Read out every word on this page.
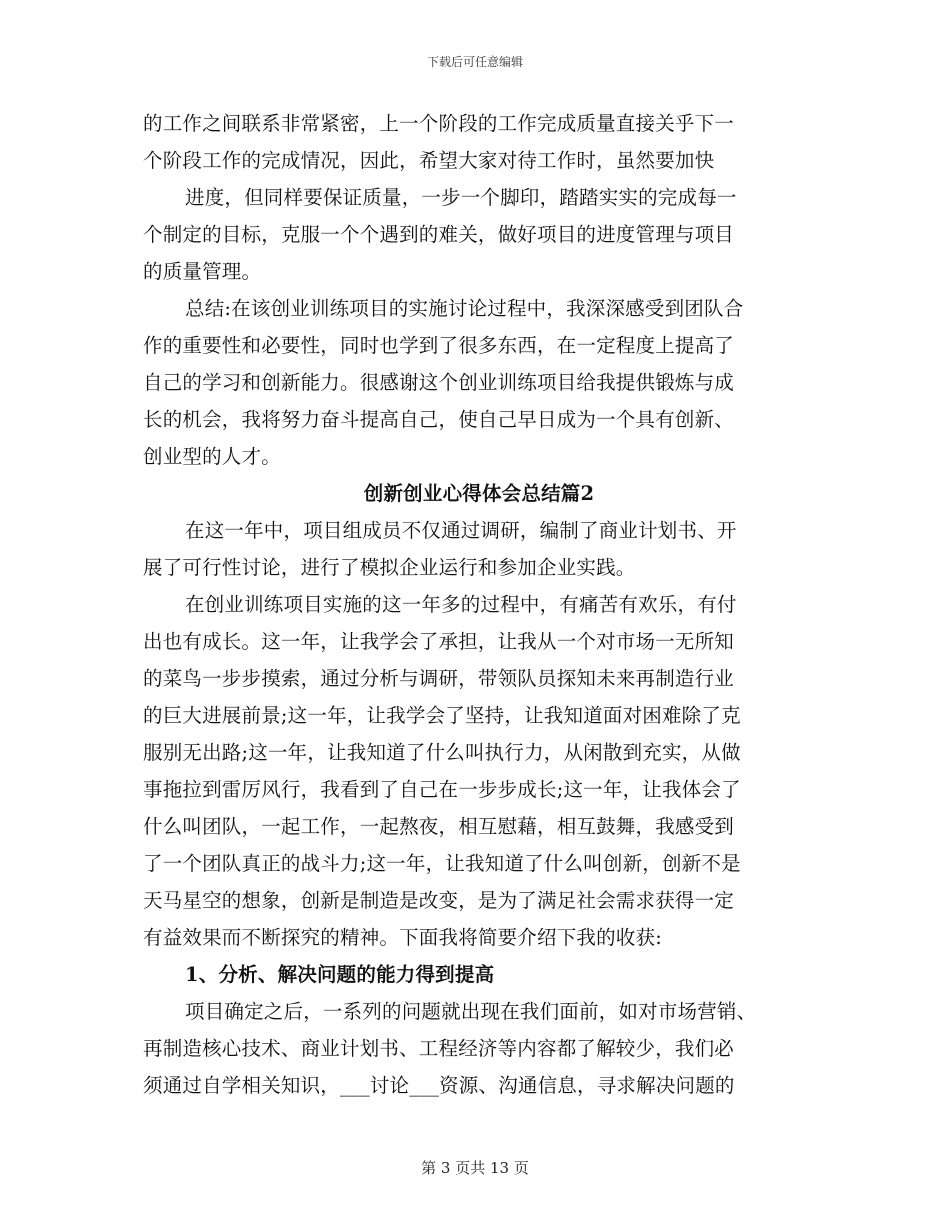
下载后可任意编辑
的工作之间联系非常紧密，上一个阶段的工作完成质量直接关乎下一
个阶段工作的完成情况，因此，希望大家对待工作时，虽然要加快
进度，但同样要保证质量，一步一个脚印，踏踏实实的完成每一
个制定的目标，克服一个个遇到的难关，做好项目的进度管理与项目
的质量管理。
总结:在该创业训练项目的实施讨论过程中，我深深感受到团队合
作的重要性和必要性，同时也学到了很多东西，在一定程度上提高了
自己的学习和创新能力。很感谢这个创业训练项目给我提供锻炼与成
长的机会，我将努力奋斗提高自己，使自己早日成为一个具有创新、
创业型的人才。
创新创业心得体会总结篇2
在这一年中，项目组成员不仅通过调研，编制了商业计划书、开
展了可行性讨论，进行了模拟企业运行和参加企业实践。
在创业训练项目实施的这一年多的过程中，有痛苦有欢乐，有付
出也有成长。这一年，让我学会了承担，让我从一个对市场一无所知
的菜鸟一步步摸索，通过分析与调研，带领队员探知未来再制造行业
的巨大进展前景;这一年，让我学会了坚持，让我知道面对困难除了克
服别无出路;这一年，让我知道了什么叫执行力，从闲散到充实，从做
事拖拉到雷厉风行，我看到了自己在一步步成长;这一年，让我体会了
什么叫团队，一起工作，一起熬夜，相互慰藉，相互鼓舞，我感受到
了一个团队真正的战斗力;这一年，让我知道了什么叫创新，创新不是
天马星空的想象，创新是制造是改变，是为了满足社会需求获得一定
有益效果而不断探究的精神。下面我将简要介绍下我的收获:
1、分析、解决问题的能力得到提高
项目确定之后，一系列的问题就出现在我们面前，如对市场营销、
再制造核心技术、商业计划书、工程经济等内容都了解较少，我们必
须通过自学相关知识，___讨论___资源、沟通信息，寻求解决问题的
第 3 页共 13 页
